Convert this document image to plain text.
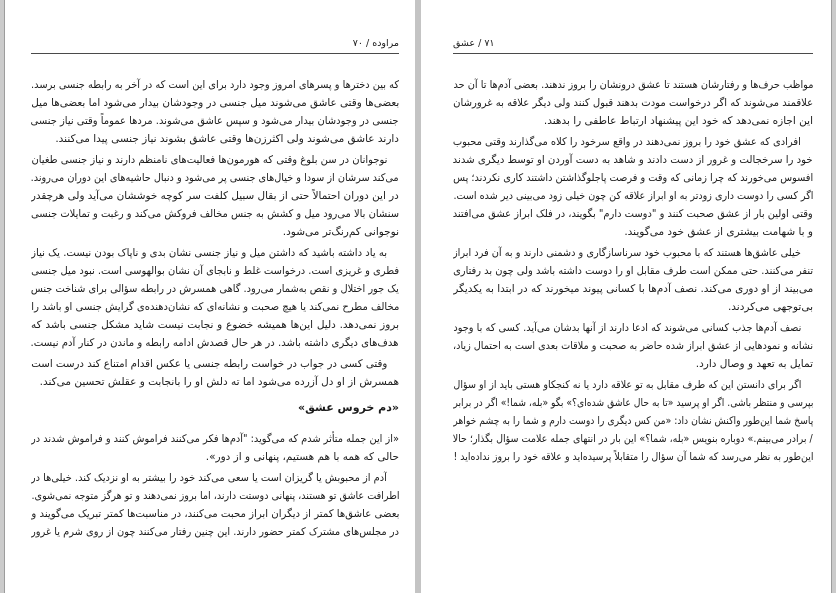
مراوده / ۷۰
که بین دخترها و پسرهای امروز وجود دارد برای این است که در آخر به رابطه جنسی برسد.
بعضی‌ها وقتی عاشق می‌شوند میل جنسی در وجودشان بیدار می‌شود اما بعضی‌ها میل
جنسی در وجودشان بیدار می‌شود و سپس عاشق می‌شوند. مردها عموماً وقتی نیاز جنسی
دارند عاشق می‌شوند ولی اکثرزن‌ها وقتی عاشق بشوند نیاز جنسی پیدا می‌کنند.
نوجوانان در سن بلوغ وقتی که هورمون‌ها فعالیت‌های نامنظم دارند و نیاز جنسی طغیان
می‌کند سرشان از سودا و خیال‌های جنسی پر می‌شود و دنبال حاشیه‌های این دوران می‌روند.
در این دوران احتمالاً حتی از بقال سبیل کلفت سر کوچه خوششان می‌آید ولی هرچقدر
سنشان بالا می‌رود میل و کشش به جنس مخالف فروکش می‌کند و رغبت و تمایلات جنسی
نوجوانی کم‌رنگ‌تر می‌شود.
به یاد داشته باشید که داشتن میل و نیاز جنسی نشان بدی و ناپاک بودن نیست. یک نیاز
فطری و غریزی است. درخواست غلط و نابجای آن نشان بوالهوسی است. نبود میل جنسی
یک جور اختلال و نقص به‌شمار می‌رود. گاهی همسرش در رابطه سؤالی برای شناخت جنس
مخالف مطرح نمی‌کند یا هیچ صحبت و نشانه‌ای که نشان‌دهنده‌ی گرایش جنسی او باشد را
بروز نمی‌دهد. دلیل این‌ها همیشه خضوع و نجابت نیست شاید مشکل جنسی باشد که
هدف‌های دیگری داشته باشد. در هر حال قصدش ادامه رابطه و ماندن در کنار آدم نیست.
وقتی کسی در جواب در خواست رابطه جنسی یا عکس اقدام امتناع کند درست است
همسرش از او دل آزرده می‌شود اما ته دلش او را بانجابت و عقلش تحسین می‌کند.
«دم خروس عشق»
«از این جمله متأثر شدم که می‌گوید: "آدم‌ها فکر می‌کنند فراموش کنند و فراموش شدند در
حالی که همه با هم هستیم، پنهانی و از دور».
آدم از محبوبش یا گریزان است یا سعی می‌کند خود را بیشتر به او نزدیک کند. خیلی‌ها در
اطرافت عاشق تو هستند، پنهانی دوستت دارند، اما بروز نمی‌دهند و تو هرگز متوجه نمی‌شوی.
بعضی عاشق‌ها کمتر از دیگران ابراز محبت می‌کنند، در مناسبت‌ها کمتر تبریک می‌گویند و
در مجلس‌های مشترک کمتر حضور دارند. این چنین رفتار می‌کنند چون از روی شرم یا غرور
۷۱ / عشق
مواظب حرف‌ها و رفتارشان هستند تا عشق درونشان را بروز ندهند. بعضی آدم‌ها تا آن حد
علاقمند می‌شوند که اگر درخواست مودت بدهند قبول کنند ولی دیگر علاقه به غرورشان
این اجازه نمی‌دهد که خود این پیشنهاد ارتباط عاطفی را بدهند.
افرادی که عشق خود را بروز نمی‌دهند در واقع سرخود را کلاه می‌گذارند وقتی محبوب
خود را سرخجالت و غرور از دست دادند و شاهد به دست آوردن او توسط دیگری شدند
افسوس می‌خورند که چرا زمانی که وقت و فرصت پاجلوگذاشتن داشتند کاری نکردند؛ پس
اگر کسی را دوست داری زودتر به او ابراز علاقه کن چون خیلی زود می‌بینی دیر شده است.
وقتی اولین بار از عشق صحبت کنند و "دوست دارم" بگویند، در فلک ابراز عشق می‌افتند
و با شهامت بیشتری از عشق خود می‌گویند.
خیلی عاشق‌ها هستند که با محبوب خود سرناسازگاری و دشمنی دارند و به آن فرد ابراز
تنفر می‌کنند. حتی ممکن است طرف مقابل او را دوست داشته باشد ولی چون بد رفتاری
می‌بیند از او دوری می‌کند. نصف آدم‌ها با کسانی پیوند میخورند که در ابتدا به یکدیگر
بی‌توجهی می‌کردند.
نصف آدم‌ها جذب کسانی می‌شوند که ادعا دارند از آنها بدشان می‌آید. کسی که با وجود
نشانه و نمودهایی از عشق ابراز شده حاضر به صحبت و ملاقات بعدی است به احتمال زیاد،
تمایل به تعهد و وصال دارد.
اگر برای دانستن این که طرف مقابل به تو علاقه دارد یا نه کنجکاو هستی باید از او سؤال
بپرسی و منتظر باشی. اگر او پرسید «تا به حال عاشق شده‌ای؟» بگو «بله، شما!» اگر در برابر
پاسخ شما این‌طور واکنش نشان داد: «من کس دیگری را دوست دارم و شما را به چشم خواهر
/ برادر می‌بینم.» دوباره بنویس «بله، شما؟» این بار در انتهای جمله علامت سؤال بگذار؛ حالا
این‌طور به نظر می‌رسد که شما آن سؤال را متقابلاً پرسیده‌اید و علاقه خود را بروز نداده‌اید !
